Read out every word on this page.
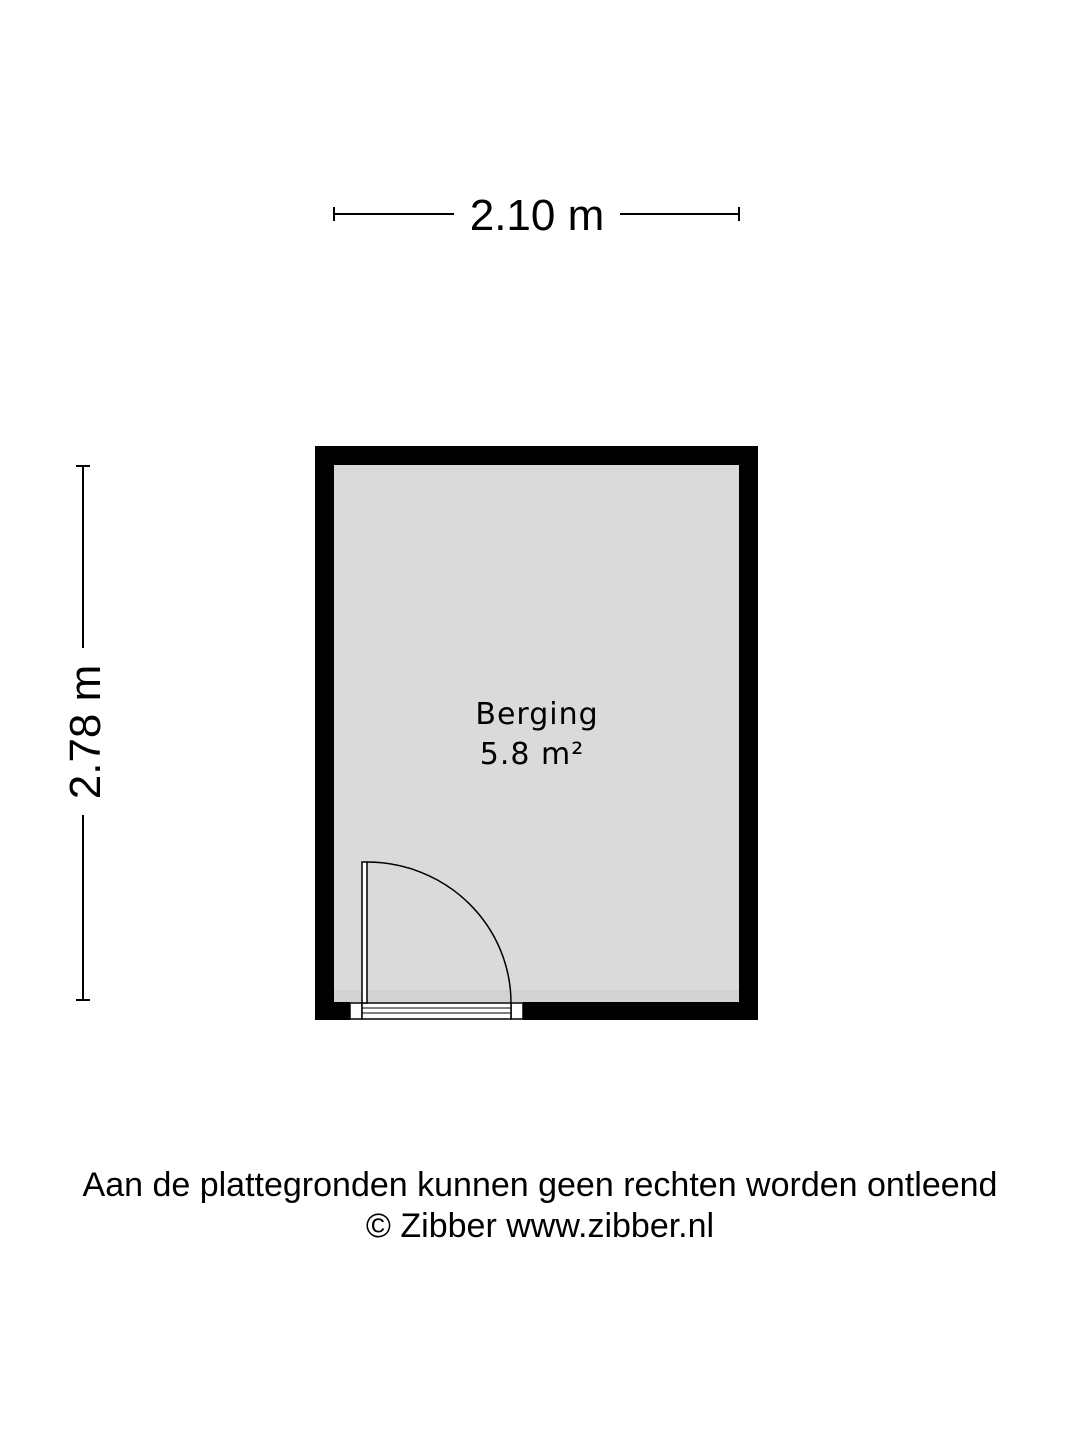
2.10 m
2.78 m	Berging
5.8 m²
Aan de plattegronden kunnen geen rechten worden ontleend
© Zibber www.zibber.nl
